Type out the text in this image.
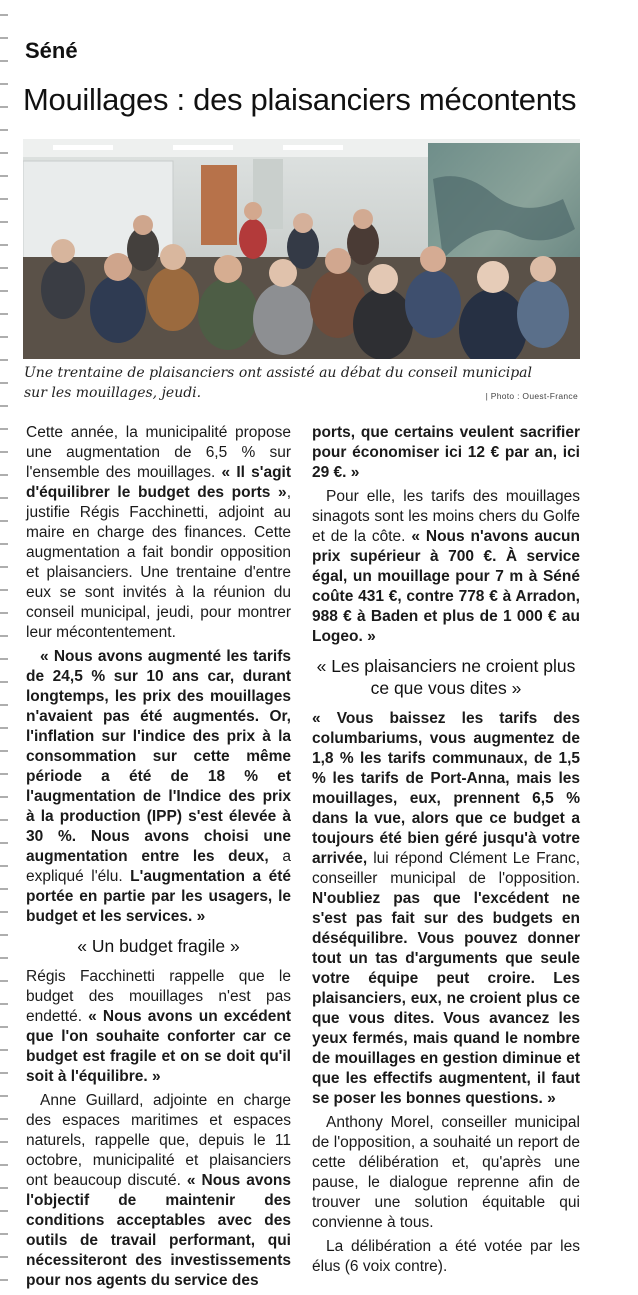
Séné
Mouillages : des plaisanciers mécontents
Une trentaine de plaisanciers ont assisté au débat du conseil municipal
sur les mouillages, jeudi.	| Photo : Ouest-France

Cette année, la municipalité propose une augmentation de 6,5 % sur l'ensemble des mouillages. « Il s'agit d'équilibrer le budget des ports », justifie Régis Facchinetti, adjoint au maire en charge des finances. Cette augmentation a fait bondir opposition et plaisanciers. Une trentaine d'entre eux se sont invités à la réunion du conseil municipal, jeudi, pour montrer leur mécontentement.

« Nous avons augmenté les tarifs de 24,5 % sur 10 ans car, durant longtemps, les prix des mouillages n'avaient pas été augmentés. Or, l'inflation sur l'indice des prix à la consommation sur cette même période a été de 18 % et l'augmentation de l'Indice des prix à la production (IPP) s'est élevée à 30 %. Nous avons choisi une augmentation entre les deux, a expliqué l'élu. L'augmentation a été portée en partie par les usagers, le budget et les services. »

« Un budget fragile »

Régis Facchinetti rappelle que le budget des mouillages n'est pas endetté. « Nous avons un excédent que l'on souhaite conforter car ce budget est fragile et on se doit qu'il soit à l'équilibre. »

Anne Guillard, adjointe en charge des espaces maritimes et espaces naturels, rappelle que, depuis le 11 octobre, municipalité et plaisanciers ont beaucoup discuté. « Nous avons l'objectif de maintenir des conditions acceptables avec des outils de travail performant, qui nécessiteront des investissements pour nos agents du service des

ports, que certains veulent sacrifier pour économiser ici 12 € par an, ici 29 €. »

Pour elle, les tarifs des mouillages sinagots sont les moins chers du Golfe et de la côte. « Nous n'avons aucun prix supérieur à 700 €. À service égal, un mouillage pour 7 m à Séné coûte 431 €, contre 778 € à Arradon, 988 € à Baden et plus de 1 000 € au Logeo. »

« Les plaisanciers ne croient plus ce que vous dites »

« Vous baissez les tarifs des columbariums, vous augmentez de 1,8 % les tarifs communaux, de 1,5 % les tarifs de Port-Anna, mais les mouillages, eux, prennent 6,5 % dans la vue, alors que ce budget a toujours été bien géré jusqu'à votre arrivée, lui répond Clément Le Franc, conseiller municipal de l'opposition. N'oubliez pas que l'excédent ne s'est pas fait sur des budgets en déséquilibre. Vous pouvez donner tout un tas d'arguments que seule votre équipe peut croire. Les plaisanciers, eux, ne croient plus ce que vous dites. Vous avancez les yeux fermés, mais quand le nombre de mouillages en gestion diminue et que les effectifs augmentent, il faut se poser les bonnes questions. »

Anthony Morel, conseiller municipal de l'opposition, a souhaité un report de cette délibération et, qu'après une pause, le dialogue reprenne afin de trouver une solution équitable qui convienne à tous.

La délibération a été votée par les élus (6 voix contre).
